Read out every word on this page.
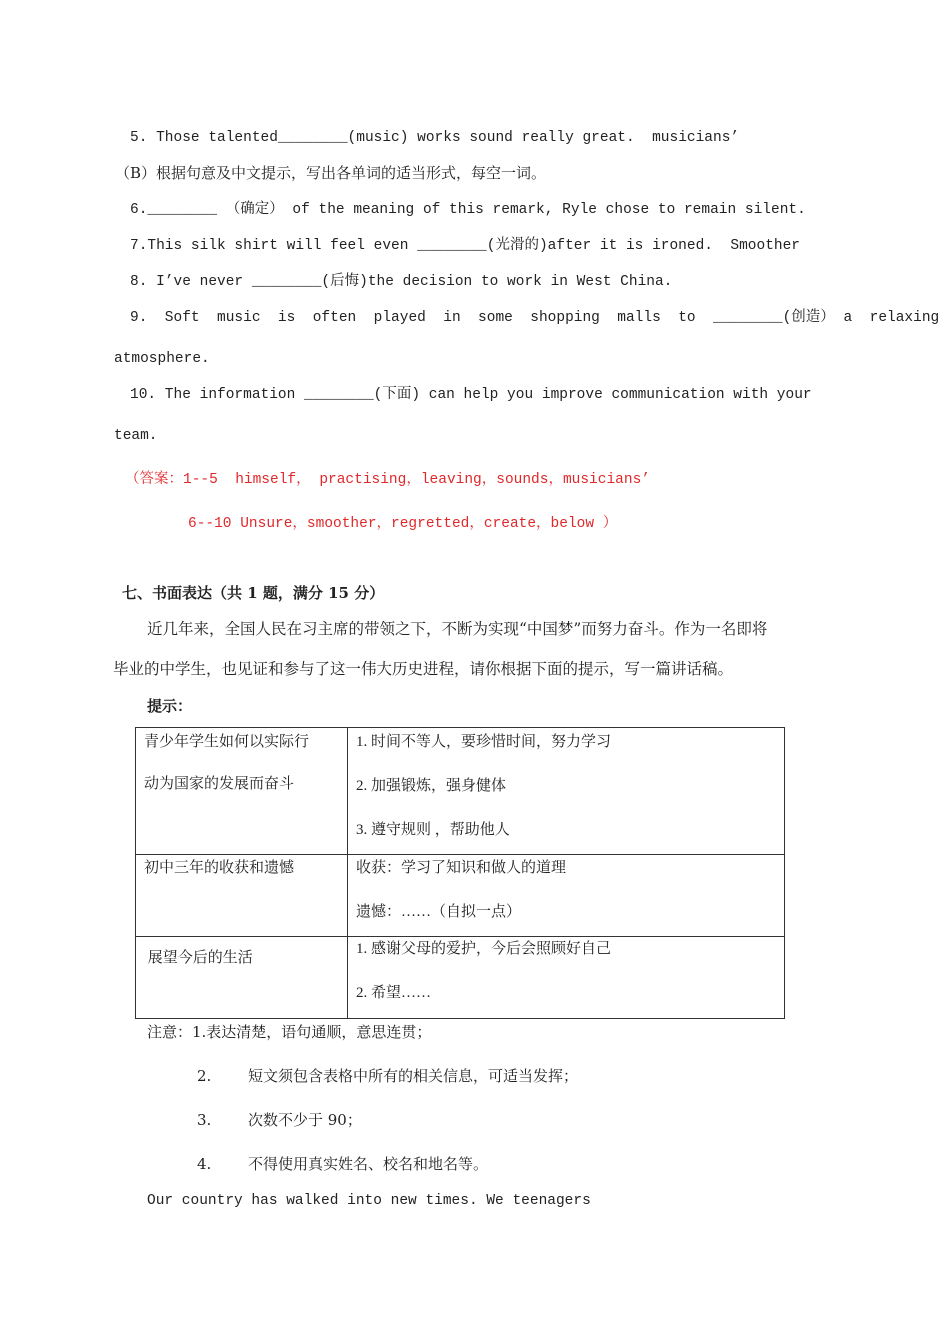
5. Those talented________(music) works sound really great.  musicians’
（B）根据句意及中文提示，写出各单词的适当形式，每空一词。
6.________ （确定） of the meaning of this remark, Ryle chose to remain silent.
7.This silk shirt will feel even ________(光滑的)after it is ironed.  Smoother
8. I’ve never ________(后悔)the decision to work in West China.
9.  Soft  music  is  often  played  in  some  shopping  malls  to  ________(创造） a  relaxing
atmosphere.
10. The information ________(下面) can help you improve communication with your
team.
（答案：1--5  himself， practising，leaving，sounds，musicians’
6--10 Unsure，smoother，regretted，create，below ）
七、书面表达（共 1 题，满分 15 分）
近几年来，全国人民在习主席的带领之下，不断为实现“中国梦”而努力奋斗。作为一名即将
毕业的中学生，也见证和参与了这一伟大历史进程，请你根据下面的提示，写一篇讲话稿。
提示：
青少年学生如何以实际行
动为国家的发展而奋斗	1. 时间不等人，要珍惜时间，努力学习
2. 加强锻炼，强身健体
3. 遵守规则 ，帮助他人

初中三年的收获和遗憾	收获：学习了知识和做人的道理
遗憾：……（自拟一点）

展望今后的生活	1. 感谢父母的爱护，今后会照顾好自己
2. 希望……
注意：1.表达清楚，语句通顺，意思连贯；
2. 短文须包含表格中所有的相关信息，可适当发挥；
3. 次数不少于 90；
4. 不得使用真实姓名、校名和地名等。
Our country has walked into new times. We teenagers
